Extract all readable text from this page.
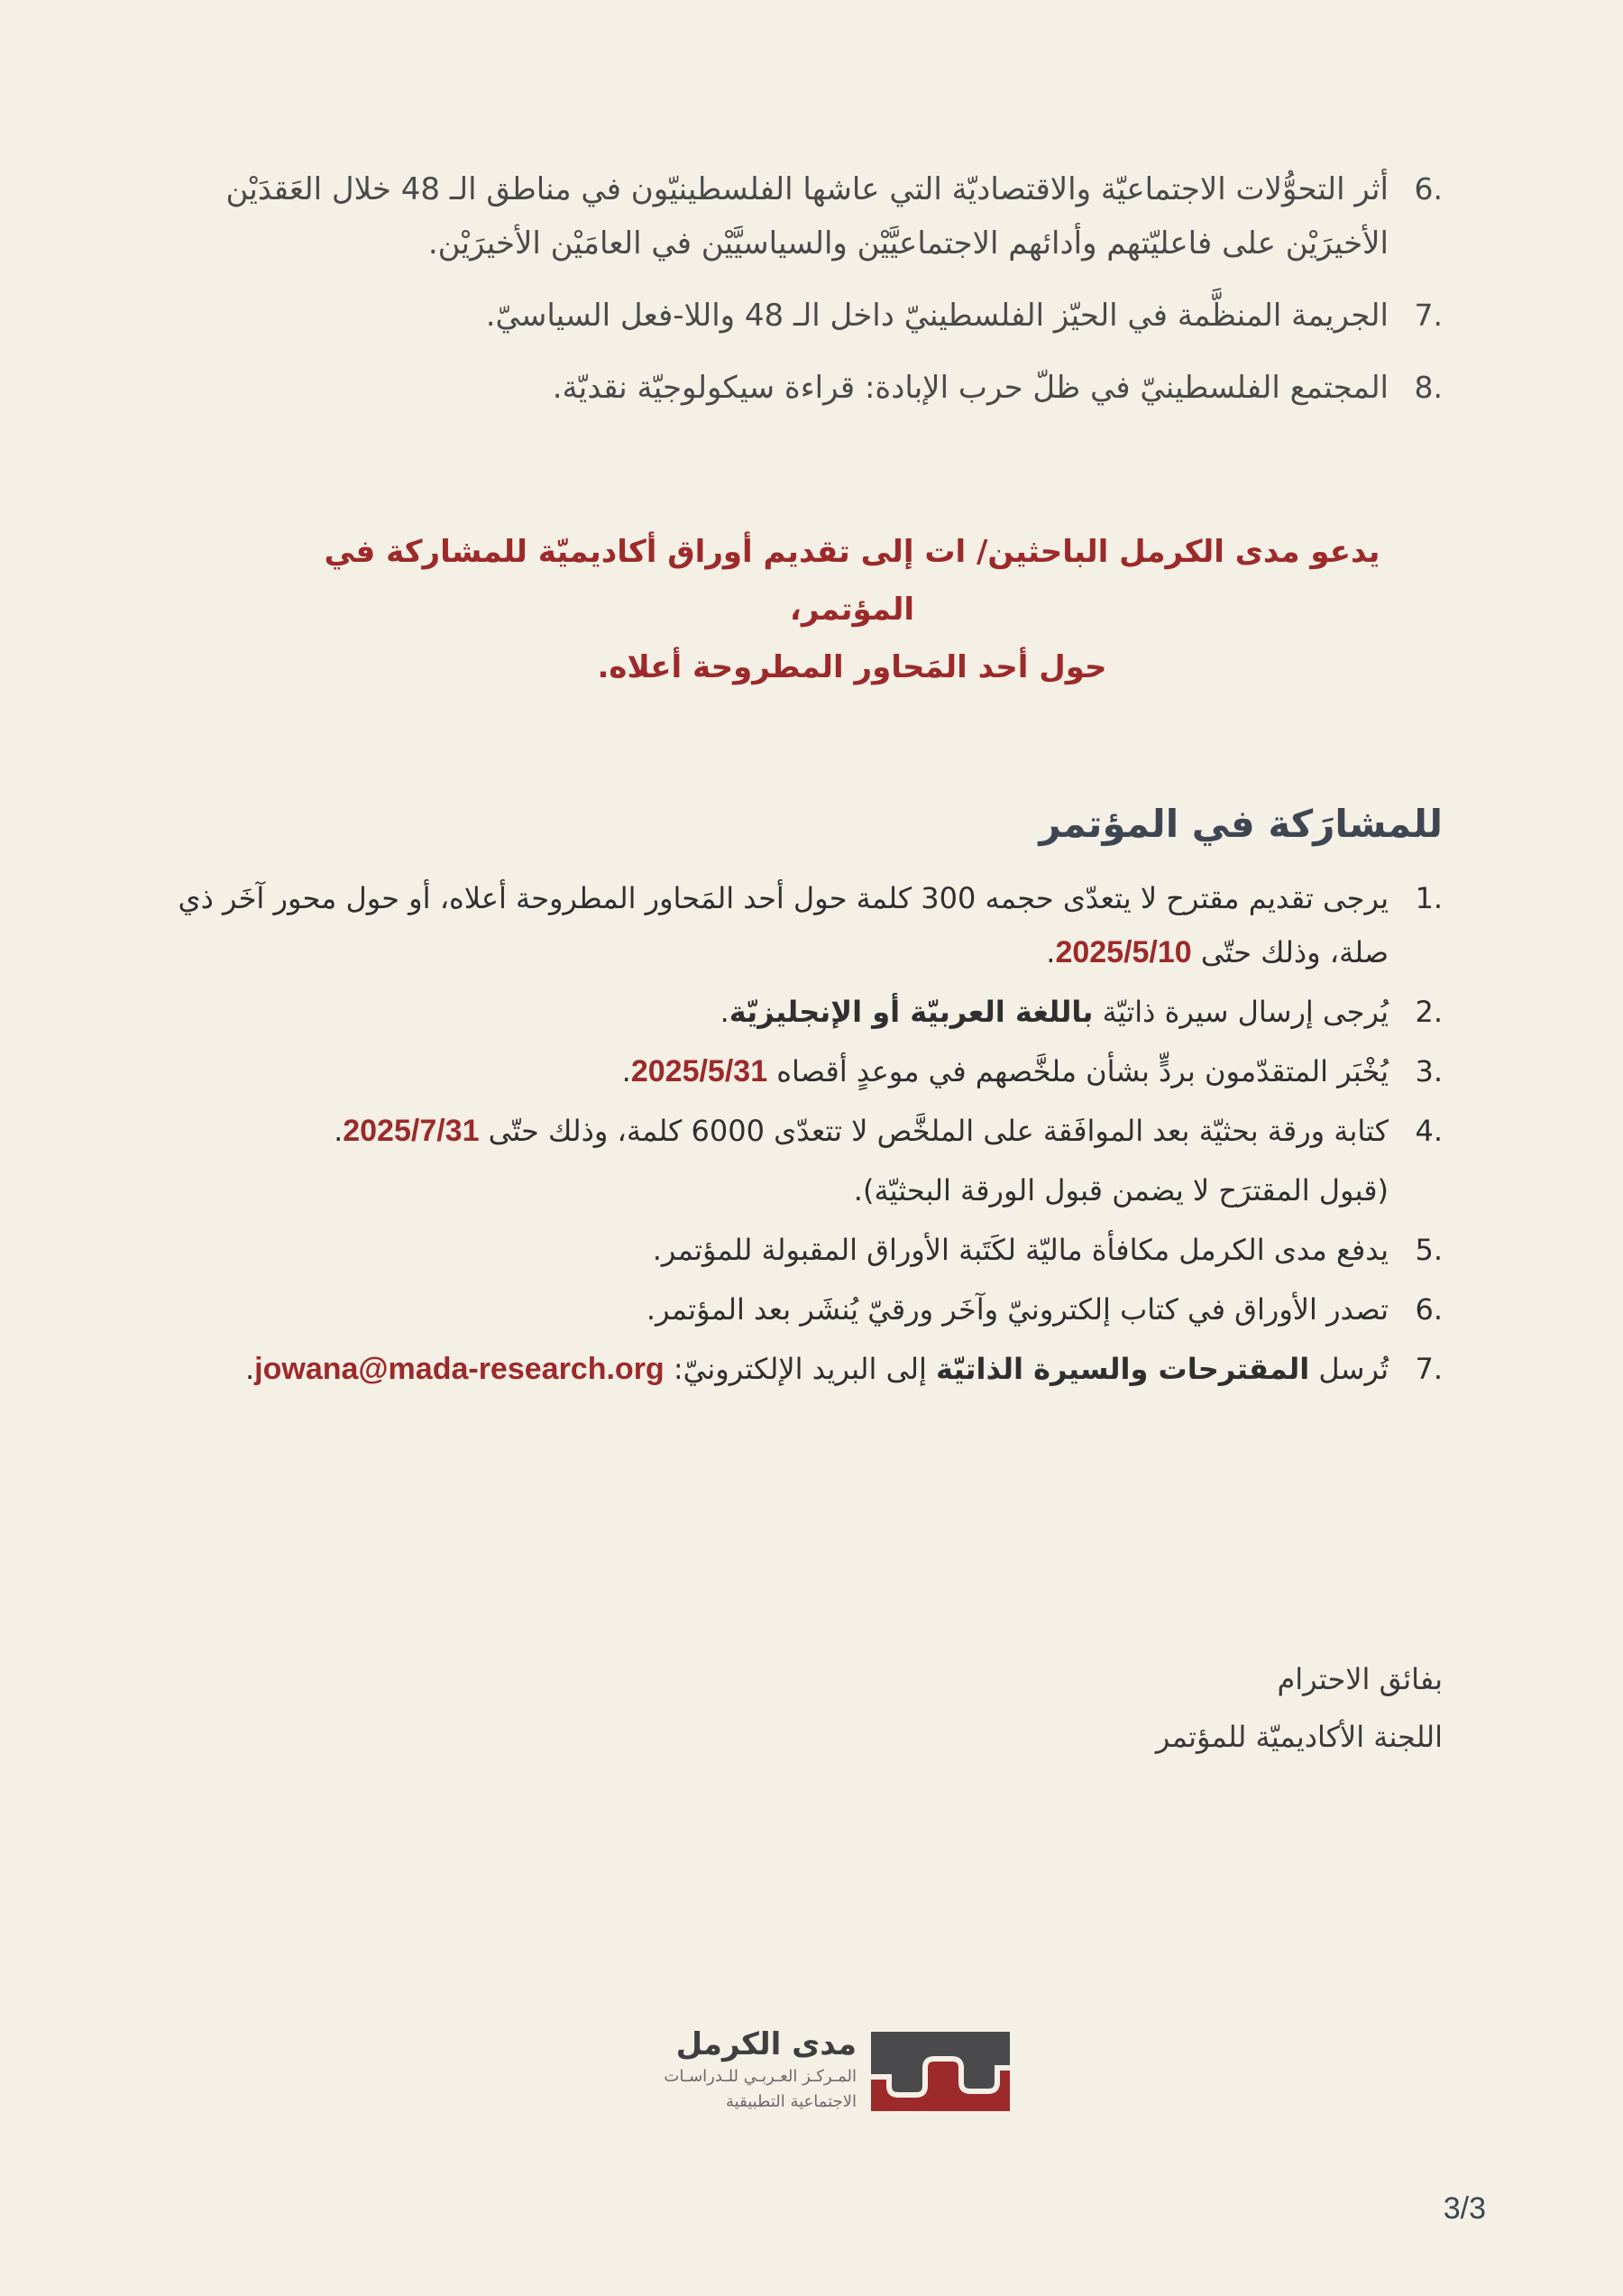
.6
أثر التحوُّلات الاجتماعيّة والاقتصاديّة التي عاشها الفلسطينيّون في مناطق الـ 48 خلال العَقدَيْن الأخيرَيْن على فاعليّتهم وأدائهم الاجتماعيَّيْن والسياسيَّيْن في العامَيْن الأخيرَيْن.
.7
الجريمة المنظَّمة في الحيّز الفلسطينيّ داخل الـ 48 واللا-فعل السياسيّ.
.8
المجتمع الفلسطينيّ في ظلّ حرب الإبادة: قراءة سيكولوجيّة نقديّة.
يدعو مدى الكرمل الباحثين/ ات إلى تقديم أوراق أكاديميّة للمشاركة في المؤتمر،
حول أحد المَحاور المطروحة أعلاه.
للمشارَكة في المؤتمر
.1
يرجى تقديم مقترح لا يتعدّى حجمه 300 كلمة حول أحد المَحاور المطروحة أعلاه، أو حول محور آخَر ذي صلة، وذلك حتّى 2025/5/10.
.2
يُرجى إرسال سيرة ذاتيّة باللغة العربيّة أو الإنجليزيّة.
.3
يُخْبَر المتقدّمون بردٍّ بشأن ملخَّصهم في موعدٍ أقصاه 2025/5/31.
.4
كتابة ورقة بحثيّة بعد الموافَقة على الملخَّص لا تتعدّى 6000 كلمة، وذلك حتّى 2025/7/31.
(قبول المقترَح لا يضمن قبول الورقة البحثيّة).
.5
يدفع مدى الكرمل مكافأة ماليّة لكَتَبة الأوراق المقبولة للمؤتمر.
.6
تصدر الأوراق في كتاب إلكترونيّ وآخَر ورقيّ يُنشَر بعد المؤتمر.
.7
تُرسل المقترحات والسيرة الذاتيّة إلى البريد الإلكترونيّ: jowana@mada-research.org.
بفائق الاحترام
اللجنة الأكاديميّة للمؤتمر
مدى الكرمل
المـركـز العـربـي للـدراسـات
الاجتماعية التطبيقية
3/3
